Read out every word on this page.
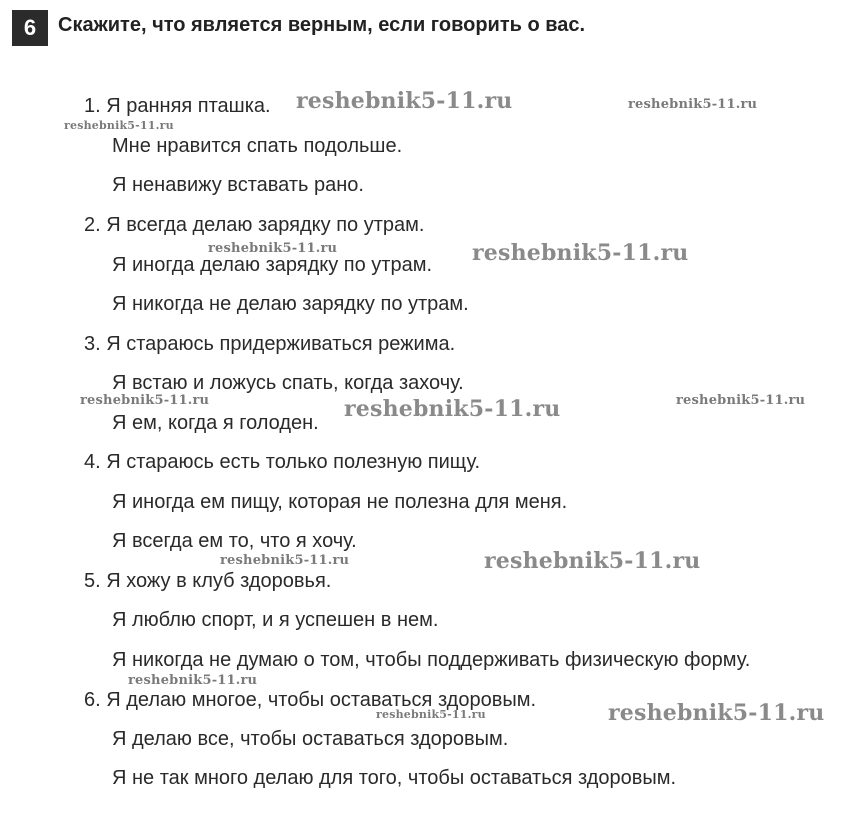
6	Скажите, что является верным, если говорить о вас.
1. Я ранняя пташка.
Мне нравится спать подольше.
Я ненавижу вставать рано.
2. Я всегда делаю зарядку по утрам.
Я иногда делаю зарядку по утрам.
Я никогда не делаю зарядку по утрам.
3. Я стараюсь придерживаться режима.
Я встаю и ложусь спать, когда захочу.
Я ем, когда я голоден.
4. Я стараюсь есть только полезную пищу.
Я иногда ем пищу, которая не полезна для меня.
Я всегда ем то, что я хочу.
5. Я хожу в клуб здоровья.
Я люблю спорт, и я успешен в нем.
Я никогда не думаю о том, чтобы поддерживать физическую форму.
6. Я делаю многое, чтобы оставаться здоровым.
Я делаю все, чтобы оставаться здоровым.
Я не так много делаю для того, чтобы оставаться здоровым.
reshebnik5-11.ru	reshebnik5-11.ru
reshebnik5-11.ru
reshebnik5-11.ru	reshebnik5-11.ru
reshebnik5-11.ru	reshebnik5-11.ru	reshebnik5-11.ru
reshebnik5-11.ru	reshebnik5-11.ru
reshebnik5-11.ru
reshebnik5-11.ru	reshebnik5-11.ru
